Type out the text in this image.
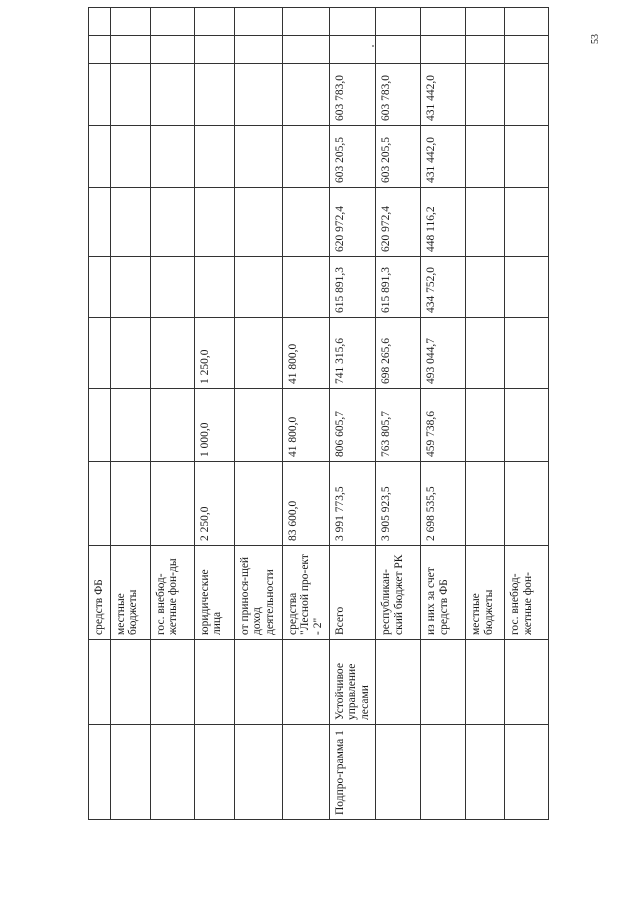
53
		средств ФБ									
		местные бюджеты									
		гос. внебюд-жетные фон-ды									
		юридические лица	2 250,0	1 000,0	1 250,0						
		от принося-щей доход деятельности									
		средства "Лесной про-ект - 2"	83 600,0	41 800,0	41 800,0						
Подпро-грамма 1	Устойчивое управление лесами	Всего	3 991 773,5	806 605,7	741 315,6	615 891,3	620 972,4	603 205,5	603 783,0		
		республикан-ский бюджет РК	3 905 923,5	763 805,7	698 265,6	615 891,3	620 972,4	603 205,5	603 783,0		
		из них за счет средств ФБ	2 698 535,5	459 738,6	493 044,7	434 752,0	448 116,2	431 442,0	431 442,0		
		местные бюджеты									
		гос. внебюд-жетные фон-									
